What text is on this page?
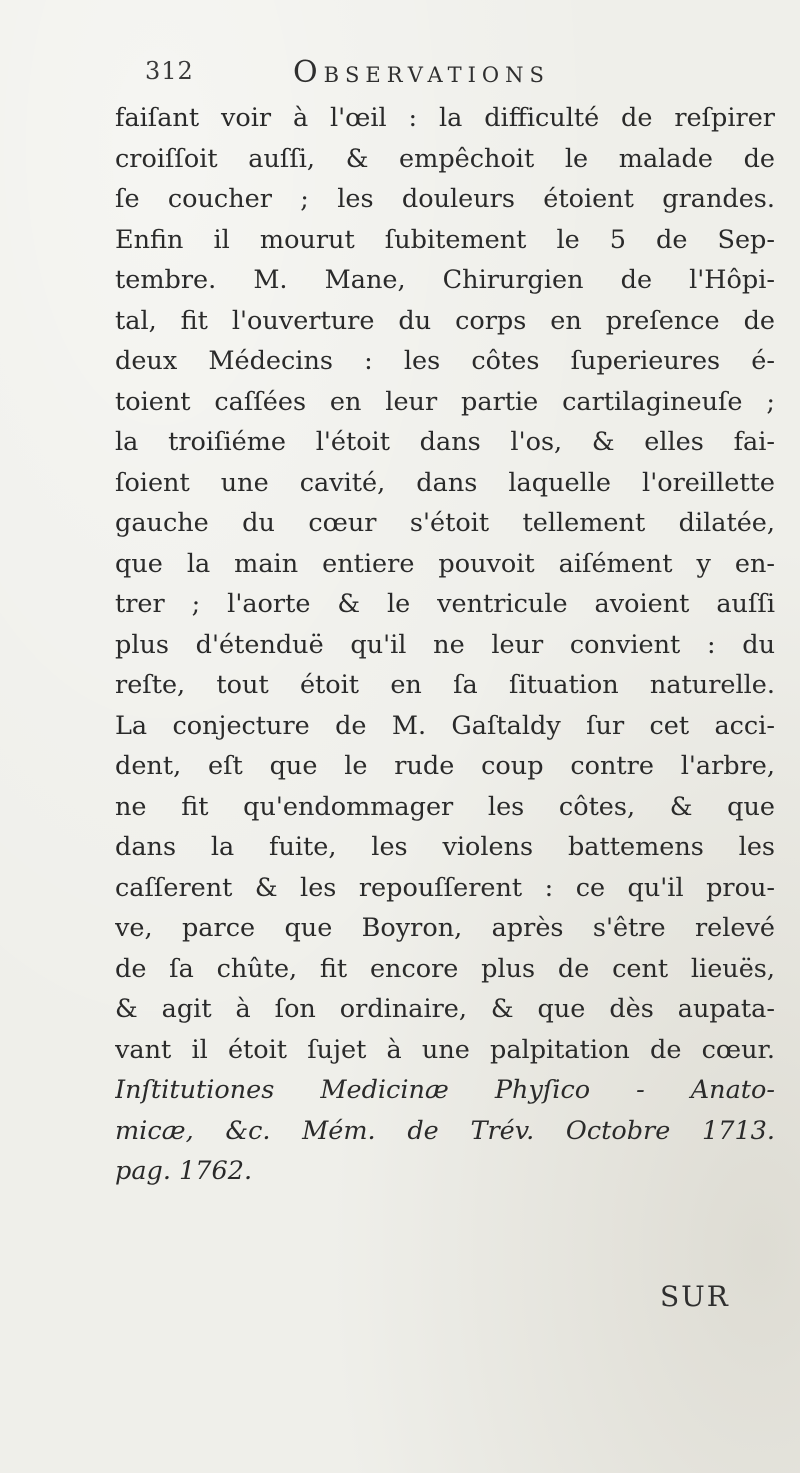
312	Observations
faiſant voir à l'œil : la difficulté de reſpirer
croiſſoit auſſi, & empêchoit le malade de
ſe coucher ; les douleurs étoient grandes.
Enfin il mourut ſubitement le 5 de Sep-
tembre. M. Mane, Chirurgien de l'Hôpi-
tal, fit l'ouverture du corps en preſence de
deux Médecins : les côtes ſuperieures é-
toient caſſées en leur partie cartilagineuſe ;
la troiſiéme l'étoit dans l'os, & elles fai-
ſoient une cavité, dans laquelle l'oreillette
gauche du cœur s'étoit tellement dilatée,
que la main entiere pouvoit aiſément y en-
trer ; l'aorte & le ventricule avoient auſſi
plus d'étenduë qu'il ne leur convient : du
reſte, tout étoit en ſa ſituation naturelle.
La conjecture de M. Gaſtaldy ſur cet acci-
dent, eſt que le rude coup contre l'arbre,
ne fit qu'endommager les côtes, & que
dans la fuite, les violens battemens les
caſſerent & les repouſſerent : ce qu'il prou-
ve, parce que Boyron, après s'être relevé
de ſa chûte, fit encore plus de cent lieuës,
& agit à ſon ordinaire, & que dès aupata-
vant il étoit ſujet à une palpitation de cœur.
Inſtitutiones Medicinæ Phyſico - Anato-
micæ, &c. Mém. de Trév. Octobre 1713.
pag. 1762.
SUR
